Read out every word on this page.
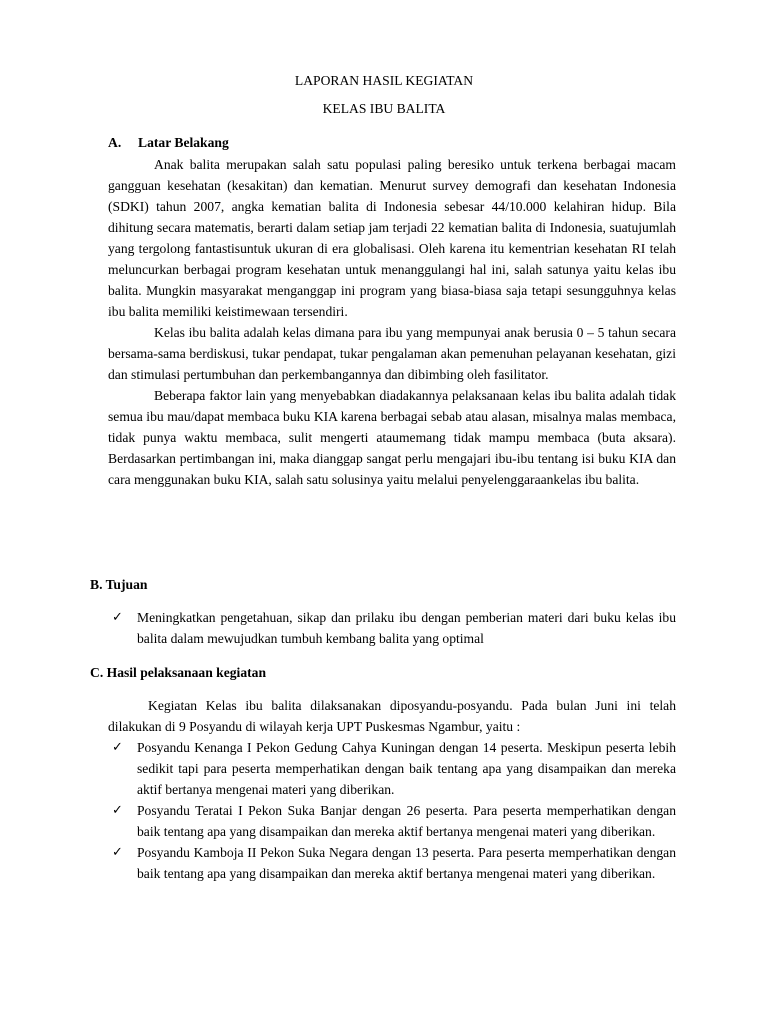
LAPORAN HASIL KEGIATAN
KELAS IBU BALITA
A. Latar Belakang

Anak balita merupakan salah satu populasi paling beresiko untuk terkena berbagai macam gangguan kesehatan (kesakitan) dan kematian. Menurut survey demografi dan kesehatan Indonesia (SDKI) tahun 2007, angka kematian balita di Indonesia sebesar 44/10.000 kelahiran hidup. Bila dihitung secara matematis, berarti dalam setiap jam terjadi 22 kematian balita di Indonesia, suatujumlah yang tergolong fantastisuntuk ukuran di era globalisasi. Oleh karena itu kementrian kesehatan RI telah meluncurkan berbagai program kesehatan untuk menanggulangi hal ini, salah satunya yaitu kelas ibu balita. Mungkin masyarakat menganggap ini program yang biasa-biasa saja tetapi sesungguhnya kelas ibu balita memiliki keistimewaan tersendiri.

Kelas ibu balita adalah kelas dimana para ibu yang mempunyai anak berusia 0 – 5 tahun secara bersama-sama berdiskusi, tukar pendapat, tukar pengalaman akan pemenuhan pelayanan kesehatan, gizi dan stimulasi pertumbuhan dan perkembangannya dan dibimbing oleh fasilitator.

Beberapa faktor lain yang menyebabkan diadakannya pelaksanaan kelas ibu balita adalah tidak semua ibu mau/dapat membaca buku KIA karena berbagai sebab atau alasan, misalnya malas membaca, tidak punya waktu membaca, sulit mengerti ataumemang tidak mampu membaca (buta aksara). Berdasarkan pertimbangan ini, maka dianggap sangat perlu mengajari ibu-ibu tentang isi buku KIA dan cara menggunakan buku KIA, salah satu solusinya yaitu melalui penyelenggaraankelas ibu balita.

B. Tujuan
✓ Meningkatkan pengetahuan, sikap dan prilaku ibu dengan pemberian materi dari buku kelas ibu balita dalam mewujudkan tumbuh kembang balita yang optimal
C. Hasil pelaksanaan kegiatan

Kegiatan Kelas ibu balita dilaksanakan diposyandu-posyandu. Pada bulan Juni ini telah dilakukan di 9 Posyandu di wilayah kerja UPT Puskesmas Ngambur, yaitu :

✓ Posyandu Kenanga I Pekon Gedung Cahya Kuningan dengan 14 peserta. Meskipun peserta lebih sedikit tapi para peserta memperhatikan dengan baik tentang apa yang disampaikan dan mereka aktif bertanya mengenai materi yang diberikan.
✓ Posyandu Teratai I Pekon Suka Banjar dengan 26 peserta. Para peserta memperhatikan dengan baik tentang apa yang disampaikan dan mereka aktif bertanya mengenai materi yang diberikan.
✓ Posyandu Kamboja II Pekon Suka Negara dengan 13 peserta. Para peserta memperhatikan dengan baik tentang apa yang disampaikan dan mereka aktif bertanya mengenai materi yang diberikan.
